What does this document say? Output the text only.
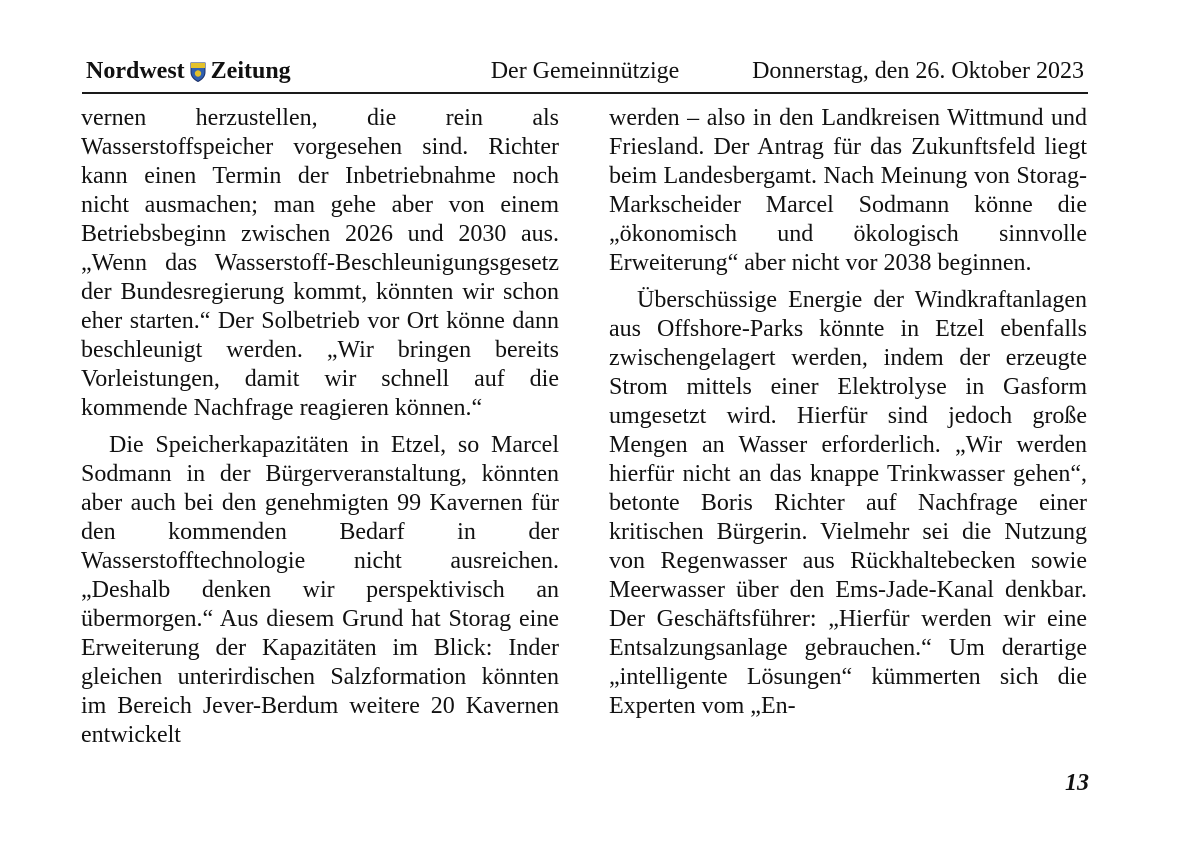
Nordwest Zeitung	Der Gemeinnützige	Donnerstag, den 26. Oktober 2023

vernen herzustellen, die rein als Wasserstoffspeicher vorgesehen sind. Richter kann einen Termin der Inbetriebnahme noch nicht ausmachen; man gehe aber von einem Betriebsbeginn zwischen 2026 und 2030 aus. „Wenn das Wasserstoff-Beschleunigungsgesetz der Bundesregierung kommt, könnten wir schon eher starten.“ Der Solbetrieb vor Ort könne dann beschleunigt werden. „Wir bringen bereits Vorleistungen, damit wir schnell auf die kommende Nachfrage reagieren können.“

Die Speicherkapazitäten in Etzel, so Marcel Sodmann in der Bürgerveranstaltung, könnten aber auch bei den genehmigten 99 Kavernen für den kommenden Bedarf in der Wasserstofftechnologie nicht ausreichen. „Deshalb denken wir perspektivisch an übermorgen.“ Aus diesem Grund hat Storag eine Erweiterung der Kapazitäten im Blick: Inder gleichen unterirdischen Salzformation könnten im Bereich Jever-Berdum weitere 20 Kavernen entwickelt

werden – also in den Landkreisen Wittmund und Friesland. Der Antrag für das Zukunftsfeld liegt beim Landesbergamt. Nach Meinung von Storag-Markscheider Marcel Sodmann könne die „ökonomisch und ökologisch sinnvolle Erweiterung“ aber nicht vor 2038 beginnen.

Überschüssige Energie der Windkraftanlagen aus Offshore-Parks könnte in Etzel ebenfalls zwischengelagert werden, indem der erzeugte Strom mittels einer Elektrolyse in Gasform umgesetzt wird. Hierfür sind jedoch große Mengen an Wasser erforderlich. „Wir werden hierfür nicht an das knappe Trinkwasser gehen“, betonte Boris Richter auf Nachfrage einer kritischen Bürgerin. Vielmehr sei die Nutzung von Regenwasser aus Rückhaltebecken sowie Meerwasser über den Ems-Jade-Kanal denkbar. Der Geschäftsführer: „Hierfür werden wir eine Entsalzungsanlage gebrauchen.“ Um derartige „intelligente Lösungen“ kümmerten sich die Experten vom „En-

13
